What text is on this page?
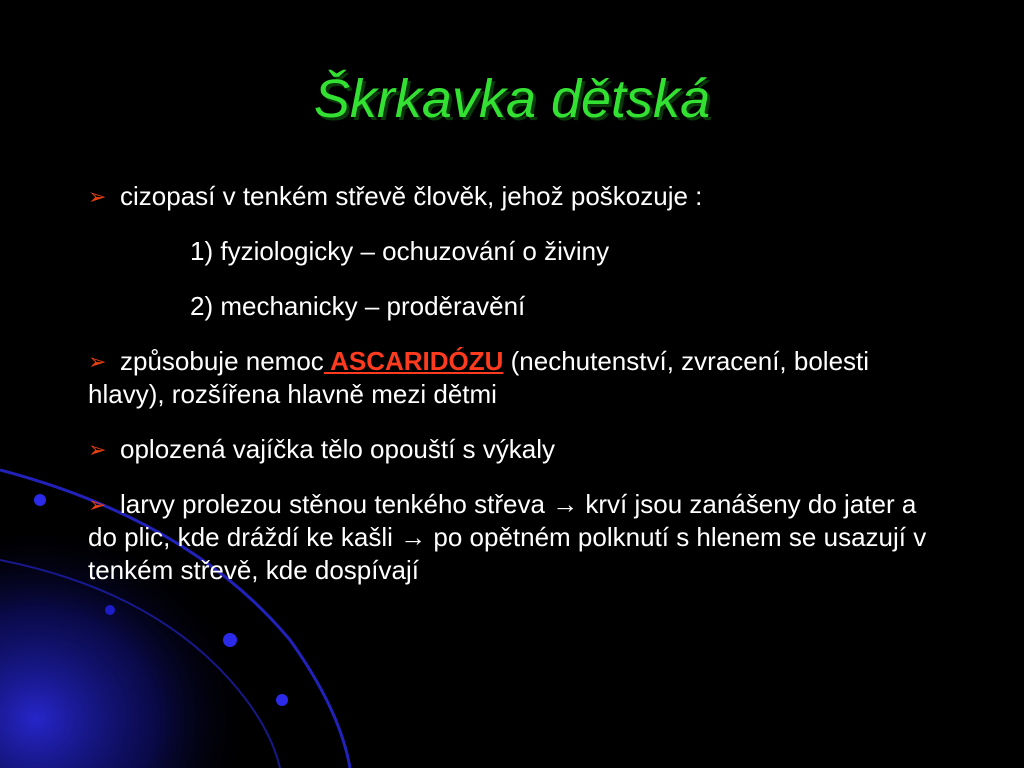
Škrkavka dětská

➢ cizopasí v tenkém střevě člověk, jehož poškozuje :

1) fyziologicky – ochuzování o živiny

2) mechanicky – proděravění

➢ způsobuje nemoc ASCARIDÓZU (nechutenství, zvracení, bolesti hlavy), rozšířena hlavně mezi dětmi

➢ oplozená vajíčka tělo opouští s výkaly

➢ larvy prolezou stěnou tenkého střeva → krví jsou zanášeny do jater a do plic, kde dráždí ke kašli → po opětném polknutí s hlenem se usazují v tenkém střevě, kde dospívají
